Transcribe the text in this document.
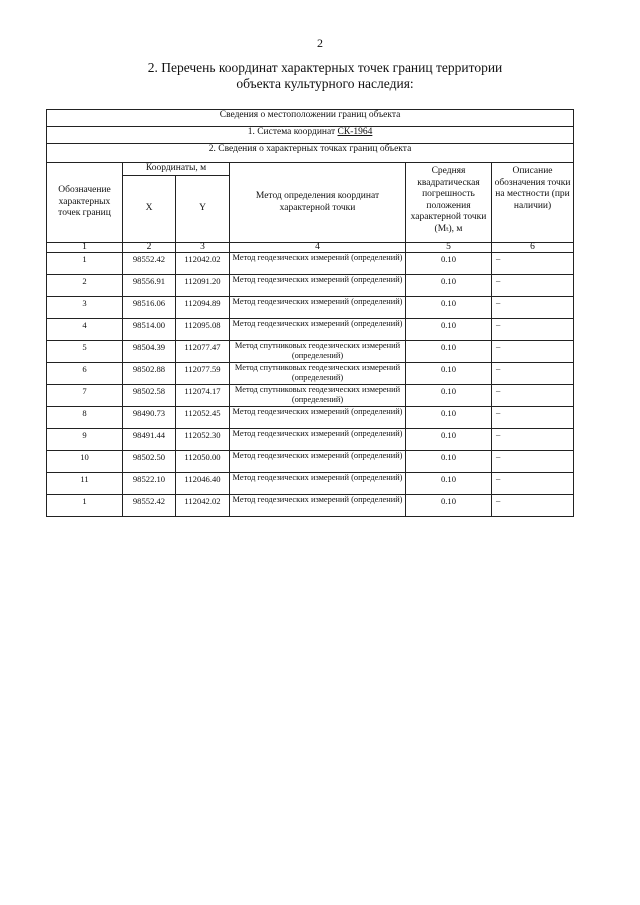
2
2. Перечень координат характерных точек границ территории
объекта культурного наследия:
Сведения о местоположении границ объекта					
1. Система координат СК-1964					
2. Сведения о характерных точках границ объекта					
Обозначение характерных точек границ	Координаты, м		Метод определения координат характерной точки	Средняя квадратическая погрешность положения характерной точки (Mₜ), м	Описание обозначения точки на местности (при наличии)
	X	Y			
1	2	3	4	5	6
1	98552.42	112042.02	Метод геодезических измерений (определений)	0.10	–
2	98556.91	112091.20	Метод геодезических измерений (определений)	0.10	–
3	98516.06	112094.89	Метод геодезических измерений (определений)	0.10	–
4	98514.00	112095.08	Метод геодезических измерений (определений)	0.10	–
5	98504.39	112077.47	Метод спутниковых геодезических измерений (определений)	0.10	–
6	98502.88	112077.59	Метод спутниковых геодезических измерений (определений)	0.10	–
7	98502.58	112074.17	Метод спутниковых геодезических измерений (определений)	0.10	–
8	98490.73	112052.45	Метод геодезических измерений (определений)	0.10	–
9	98491.44	112052.30	Метод геодезических измерений (определений)	0.10	–
10	98502.50	112050.00	Метод геодезических измерений (определений)	0.10	–
11	98522.10	112046.40	Метод геодезических измерений (определений)	0.10	–
1	98552.42	112042.02	Метод геодезических измерений (определений)	0.10	–
